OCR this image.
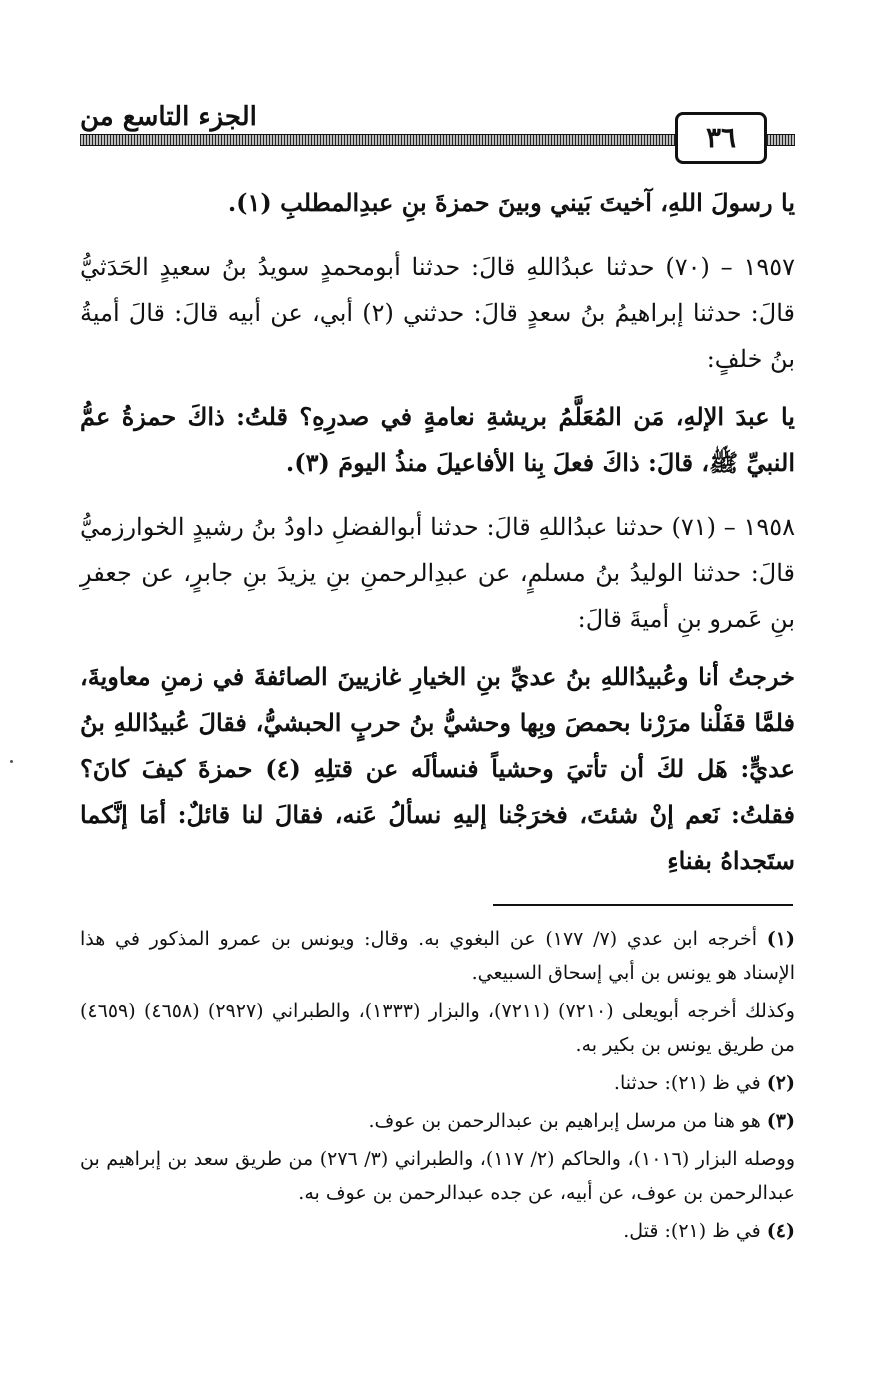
الجزء التاسع من
٣٦

يا رسولَ اللهِ، آخيتَ بَيني وبينَ حمزةَ بنِ عبدِالمطلبِ (١).

١٩٥٧ – (٧٠) حدثنا عبدُاللهِ قالَ: حدثنا أبومحمدٍ سويدُ بنُ سعيدٍ الحَدَثيُّ قالَ: حدثنا إبراهيمُ بنُ سعدٍ قالَ: حدثني (٢) أبي، عن أبيه قالَ: قالَ أميةُ بنُ خلفٍ:

يا عبدَ الإلهِ، مَن المُعَلَّمُ بريشةِ نعامةٍ في صدرِهِ؟ قلتُ: ذاكَ حمزةُ عمُّ النبيِّ ﷺ، قالَ: ذاكَ فعلَ بِنا الأفاعيلَ منذُ اليومَ (٣).

١٩٥٨ – (٧١) حدثنا عبدُاللهِ قالَ: حدثنا أبوالفضلِ داودُ بنُ رشيدٍ الخوارزميُّ قالَ: حدثنا الوليدُ بنُ مسلمٍ، عن عبدِالرحمنِ بنِ يزيدَ بنِ جابرٍ، عن جعفرِ بنِ عَمرو بنِ أميةَ قالَ:

خرجتُ أنا وعُبيدُاللهِ بنُ عديِّ بنِ الخيارِ غازيينَ الصائفةَ في زمنِ معاويةَ، فلمَّا قفَلْنا مرَرْنا بحمصَ وبِها وحشيُّ بنُ حربٍ الحبشيُّ، فقالَ عُبيدُاللهِ بنُ عديٍّ: هَل لكَ أن تأتيَ وحشياً فنسألَه عن قتلِهِ (٤) حمزةَ كيفَ كانَ؟ فقلتُ: نَعم إنْ شئتَ، فخرَجْنا إليهِ نسألُ عَنه، فقالَ لنا قائلٌ: أمَا إنَّكما ستَجداهُ بفناءِ

(١) أخرجه ابن عدي (٧/ ١٧٧) عن البغوي به. وقال: ويونس بن عمرو المذكور في هذا الإسناد هو يونس بن أبي إسحاق السبيعي.

وكذلك أخرجه أبويعلى (٧٢١٠) (٧٢١١)، والبزار (١٣٣٣)، والطبراني (٢٩٢٧) (٤٦٥٨) (٤٦٥٩) من طريق يونس بن بكير به.

(٢) في ظ (٢١): حدثنا.

(٣) هو هنا من مرسل إبراهيم بن عبدالرحمن بن عوف.

ووصله البزار (١٠١٦)، والحاكم (٢/ ١١٧)، والطبراني (٣/ ٢٧٦) من طريق سعد بن إبراهيم بن عبدالرحمن بن عوف، عن أبيه، عن جده عبدالرحمن بن عوف به.

(٤) في ظ (٢١): قتل.
